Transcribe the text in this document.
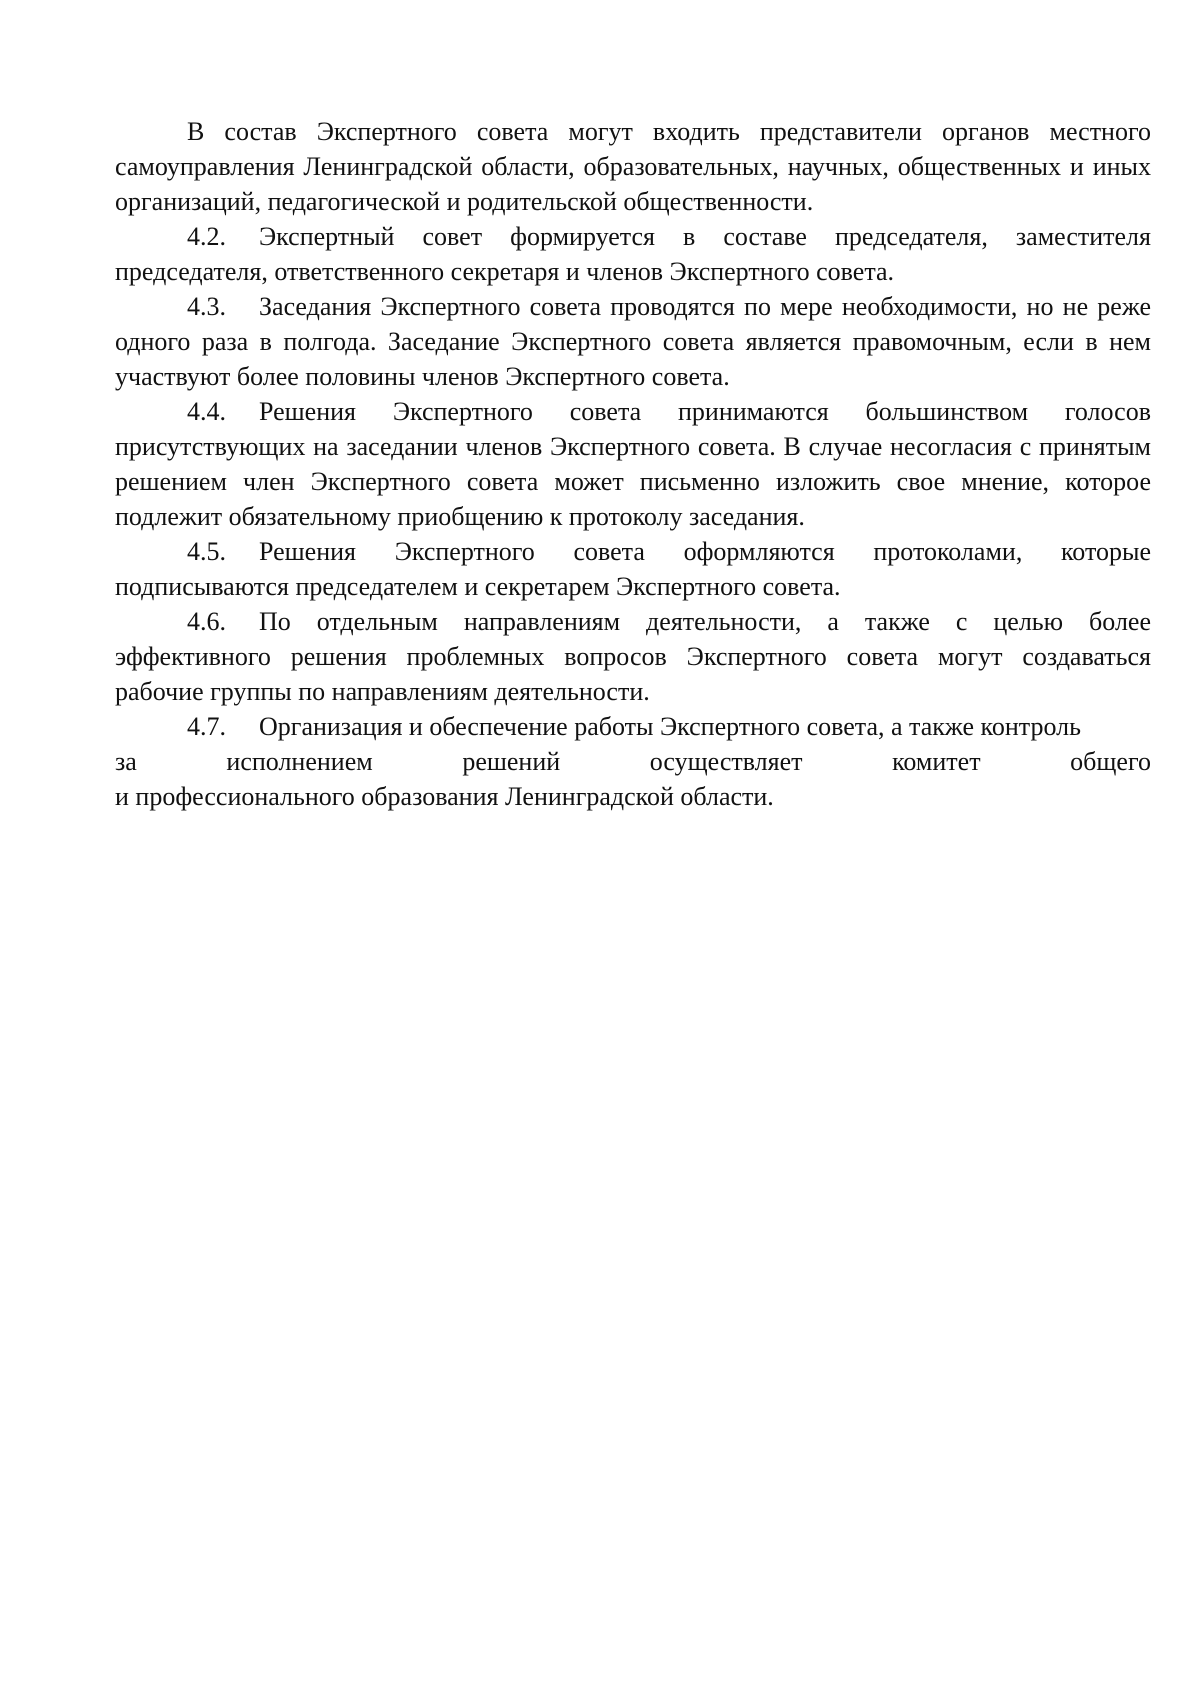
В состав Экспертного совета могут входить представители органов местного самоуправления Ленинградской области, образовательных, научных, общественных и иных организаций, педагогической и родительской общественности.

4.2. Экспертный совет формируется в составе председателя, заместителя председателя, ответственного секретаря и членов Экспертного совета.

4.3. Заседания Экспертного совета проводятся по мере необходимости, но не реже одного раза в полгода. Заседание Экспертного совета является правомочным, если в нем участвуют более половины членов Экспертного совета.

4.4. Решения Экспертного совета принимаются большинством голосов присутствующих на заседании членов Экспертного совета. В случае несогласия с принятым решением член Экспертного совета может письменно изложить свое мнение, которое подлежит обязательному приобщению к протоколу заседания.

4.5. Решения Экспертного совета оформляются протоколами, которые подписываются председателем и секретарем Экспертного совета.

4.6. По отдельным направлениям деятельности, а также с целью более эффективного решения проблемных вопросов Экспертного совета могут создаваться рабочие группы по направлениям деятельности.

4.7. Организация и обеспечение работы Экспертного совета, а также контроль

за исполнением решений осуществляет комитет общего

и профессионального образования Ленинградской области.
